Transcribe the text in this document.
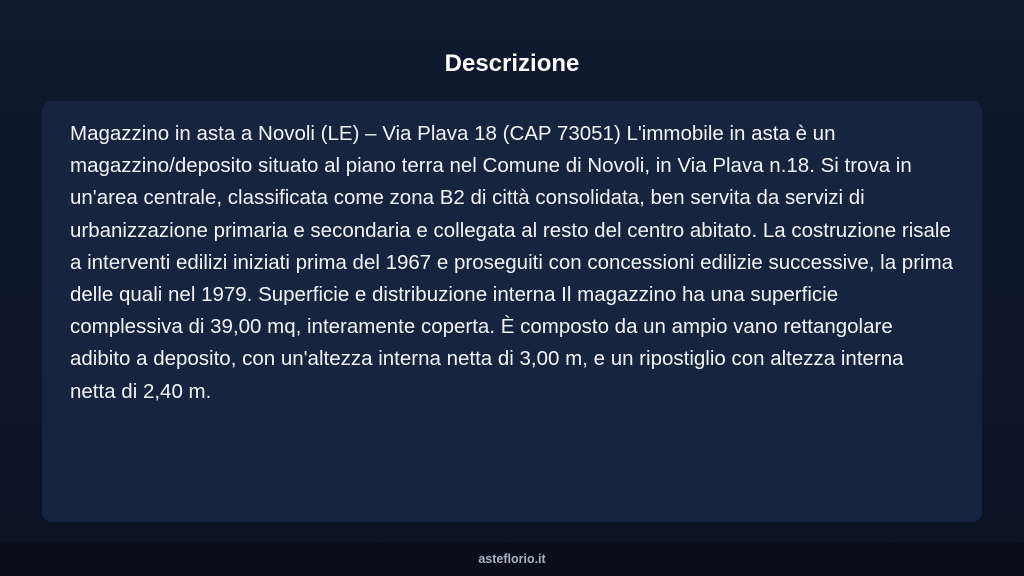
Descrizione

Magazzino in asta a Novoli (LE) – Via Plava 18 (CAP 73051) L'immobile in asta è un magazzino/deposito situato al piano terra nel Comune di Novoli, in Via Plava n.18. Si trova in un'area centrale, classificata come zona B2 di città consolidata, ben servita da servizi di urbanizzazione primaria e secondaria e collegata al resto del centro abitato. La costruzione risale a interventi edilizi iniziati prima del 1967 e proseguiti con concessioni edilizie successive, la prima delle quali nel 1979. Superficie e distribuzione interna Il magazzino ha una superficie complessiva di 39,00 mq, interamente coperta. È composto da un ampio vano rettangolare adibito a deposito, con un'altezza interna netta di 3,00 m, e un ripostiglio con altezza interna netta di 2,40 m.

asteflorio.it
